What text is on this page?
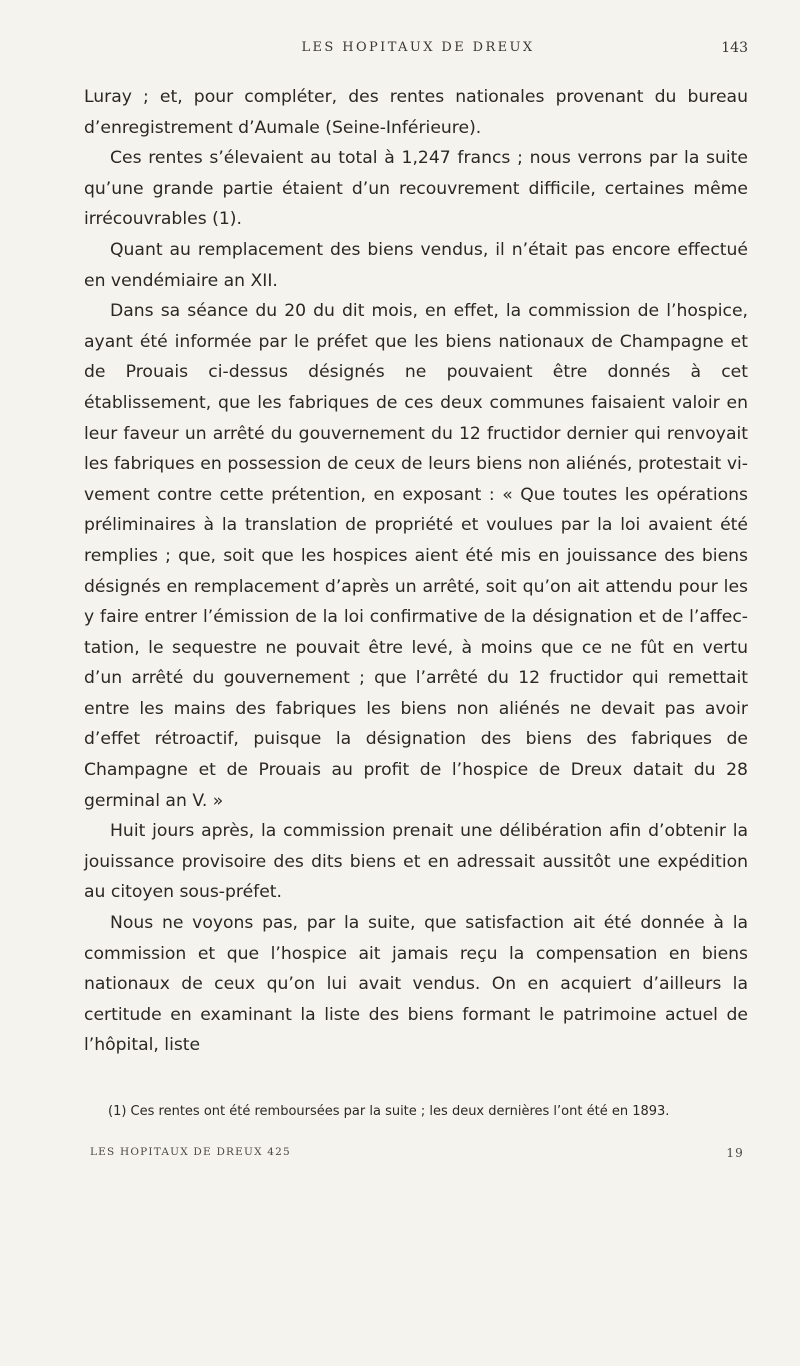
LES HOPITAUX DE DREUX	143

Luray ; et, pour compléter, des rentes nationales provenant du bureau d’enregistrement d’Aumale (Seine-Inférieure).

Ces rentes s’élevaient au total à 1,247 francs ; nous verrons par la suite qu’une grande partie étaient d’un recouvrement difficile, certaines même irrécouvrables (1).

Quant au remplacement des biens vendus, il n’était pas encore effectué en vendémiaire an XII.

Dans sa séance du 20 du dit mois, en effet, la commission de l’hospice, ayant été informée par le préfet que les biens nationaux de Champagne et de Prouais ci-dessus désignés ne pouvaient être donnés à cet établissement, que les fabriques de ces deux communes faisaient valoir en leur faveur un arrêté du gouvernement du 12 fructidor dernier qui renvoyait les fabriques en possession de ceux de leurs biens non aliénés, protestait vivement contre cette prétention, en exposant : « Que toutes les opérations préliminaires à la translation de propriété et voulues par la loi avaient été remplies ; que, soit que les hospices aient été mis en jouissance des biens désignés en remplacement d’après un arrêté, soit qu’on ait attendu pour les y faire entrer l’émission de la loi confirmative de la désignation et de l’affectation, le sequestre ne pouvait être levé, à moins que ce ne fût en vertu d’un arrêté du gouvernement ; que l’arrêté du 12 fructidor qui remettait entre les mains des fabriques les biens non aliénés ne devait pas avoir d’effet rétroactif, puisque la désignation des biens des fabriques de Champagne et de Prouais au profit de l’hospice de Dreux datait du 28 germinal an V. »

Huit jours après, la commission prenait une délibération afin d’obtenir la jouissance provisoire des dits biens et en adressait aussitôt une expédition au citoyen sous-préfet.

Nous ne voyons pas, par la suite, que satisfaction ait été donnée à la commission et que l’hospice ait jamais reçu la compensation en biens nationaux de ceux qu’on lui avait vendus. On en acquiert d’ailleurs la certitude en examinant la liste des biens formant le patrimoine actuel de l’hôpital, liste

(1) Ces rentes ont été remboursées par la suite ; les deux dernières l’ont été en 1893.

LES HOPITAUX DE DREUX 425	19
